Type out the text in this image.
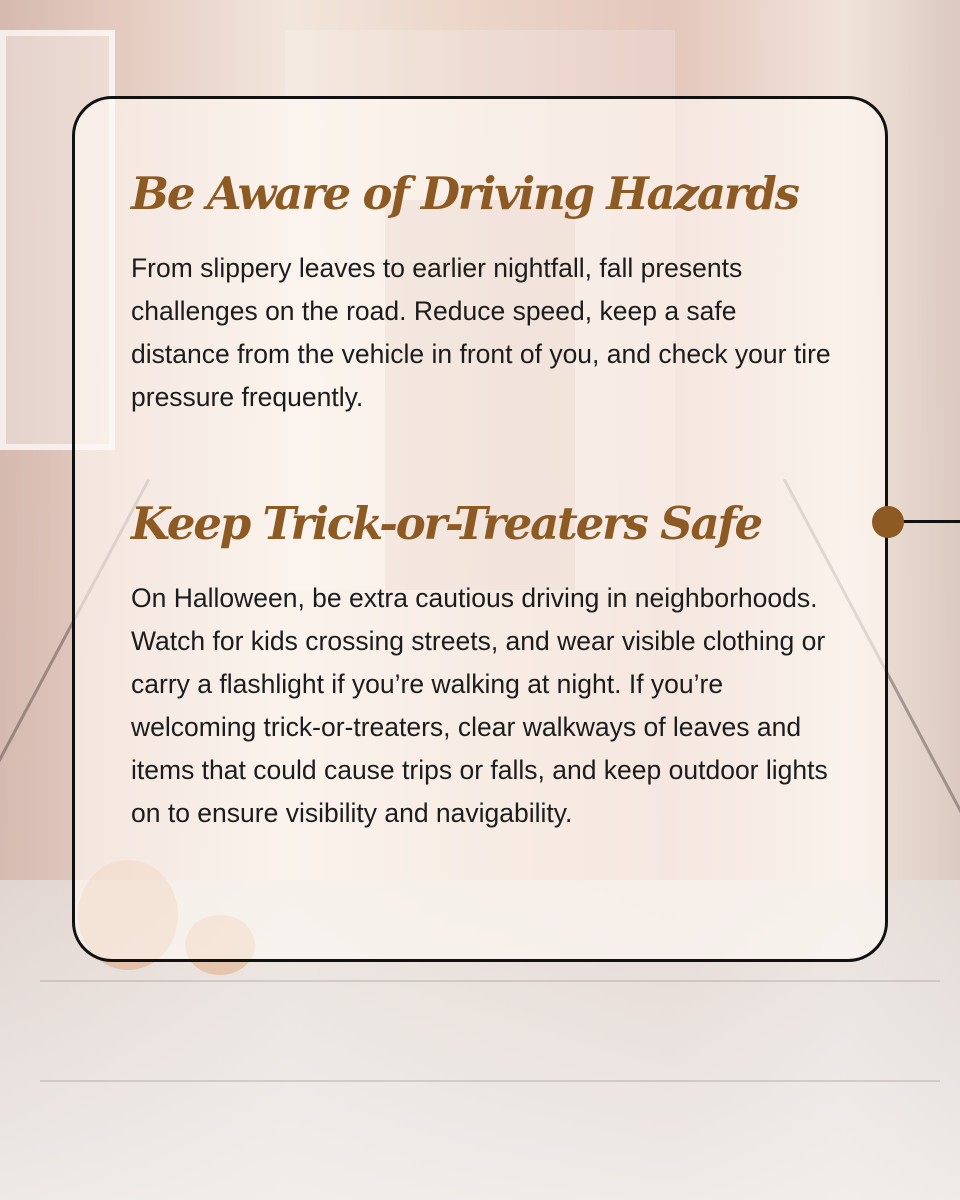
Be Aware of Driving Hazards

From slippery leaves to earlier nightfall, fall presents challenges on the road. Reduce speed, keep a safe distance from the vehicle in front of you, and check your tire pressure frequently.

Keep Trick-or-Treaters Safe

On Halloween, be extra cautious driving in neighborhoods. Watch for kids crossing streets, and wear visible clothing or carry a flashlight if you’re walking at night. If you’re welcoming trick-or-treaters, clear walkways of leaves and items that could cause trips or falls, and keep outdoor lights on to ensure visibility and navigability.
